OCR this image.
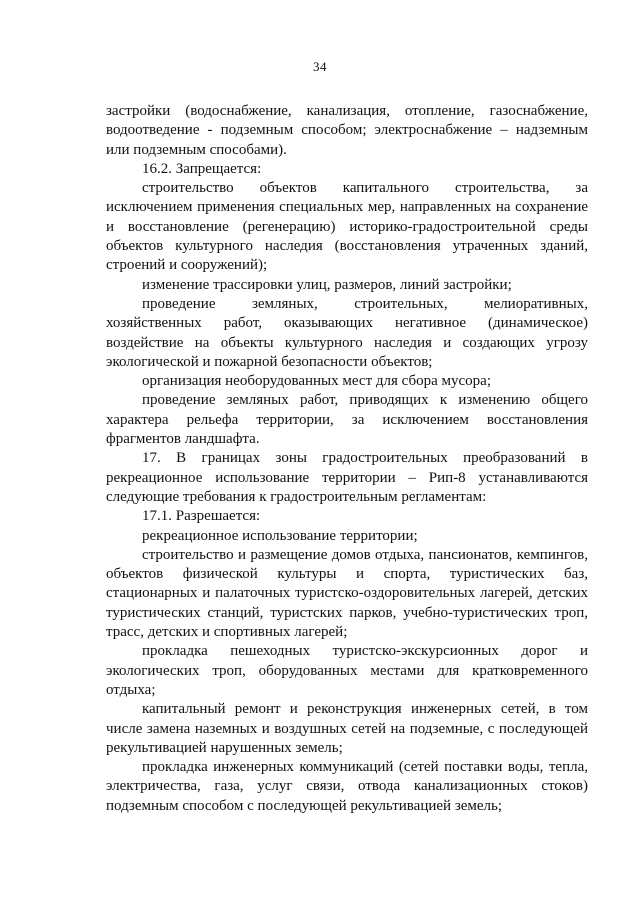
34

застройки (водоснабжение, канализация, отопление, газоснабжение, водоотведение - подземным способом; электроснабжение – надземным или подземным способами).

16.2. Запрещается:

строительство объектов капитального строительства, за исключением применения специальных мер, направленных на сохранение и восстановление (регенерацию) историко-градостроительной среды объектов культурного наследия (восстановления утраченных зданий, строений и сооружений);

изменение трассировки улиц, размеров, линий застройки;

проведение земляных, строительных, мелиоративных, хозяйственных работ, оказывающих негативное (динамическое) воздействие на объекты культурного наследия и создающих угрозу экологической и пожарной безопасности объектов;

организация необорудованных мест для сбора мусора;

проведение земляных работ, приводящих к изменению общего характера рельефа территории, за исключением восстановления фрагментов ландшафта.

17. В границах зоны градостроительных преобразований в рекреационное использование территории – Рип-8 устанавливаются следующие требования к градостроительным регламентам:

17.1. Разрешается:

рекреационное использование территории;

строительство и размещение домов отдыха, пансионатов, кемпингов, объектов физической культуры и спорта, туристических баз, стационарных и палаточных туристско-оздоровительных лагерей, детских туристических станций, туристских парков, учебно-туристических троп, трасс, детских и спортивных лагерей;

прокладка пешеходных туристско-экскурсионных дорог и экологических троп, оборудованных местами для кратковременного отдыха;

капитальный ремонт и реконструкция инженерных сетей, в том числе замена наземных и воздушных сетей на подземные, с последующей рекультивацией нарушенных земель;

прокладка инженерных коммуникаций (сетей поставки воды, тепла, электричества, газа, услуг связи, отвода канализационных стоков) подземным способом с последующей рекультивацией земель;
